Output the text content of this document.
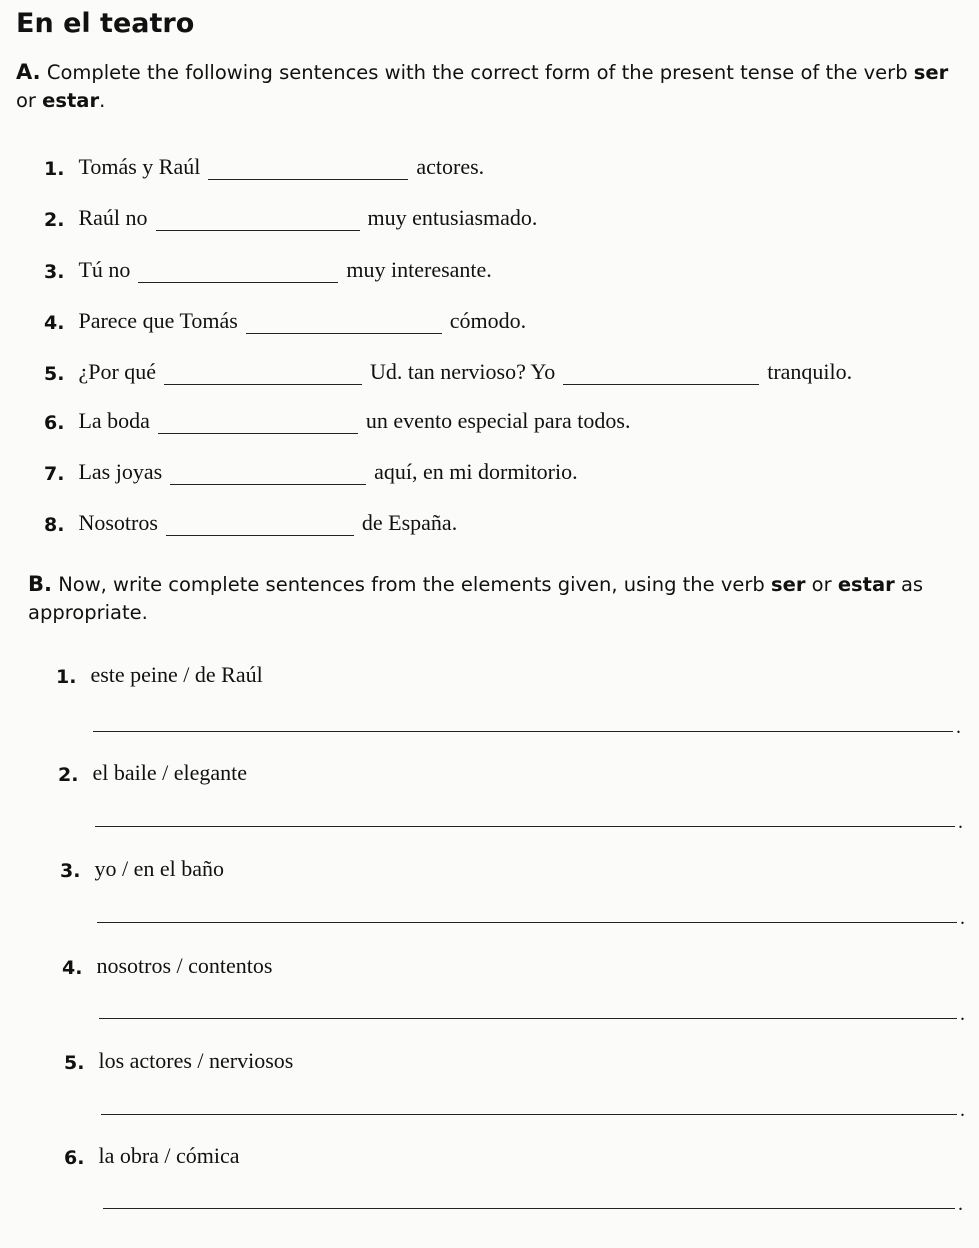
En el teatro
A. Complete the following sentences with the correct form of the present tense of the verb ser or estar.
1. Tomás y Raúl	actores.
2. Raúl no	muy entusiasmado.
3. Tú no	muy interesante.
4. Parece que Tomás	cómodo.
5. ¿Por qué	Ud. tan nervioso? Yo	tranquilo.
6. La boda	un evento especial para todos.
7. Las joyas	aquí, en mi dormitorio.
8. Nosotros	de España.
B. Now, write complete sentences from the elements given, using the verb ser or estar as appropriate.
1. este peine / de Raúl
.
2. el baile / elegante
.
3. yo / en el baño
.
4. nosotros / contentos
.
5. los actores / nerviosos
.
6. la obra / cómica
.
